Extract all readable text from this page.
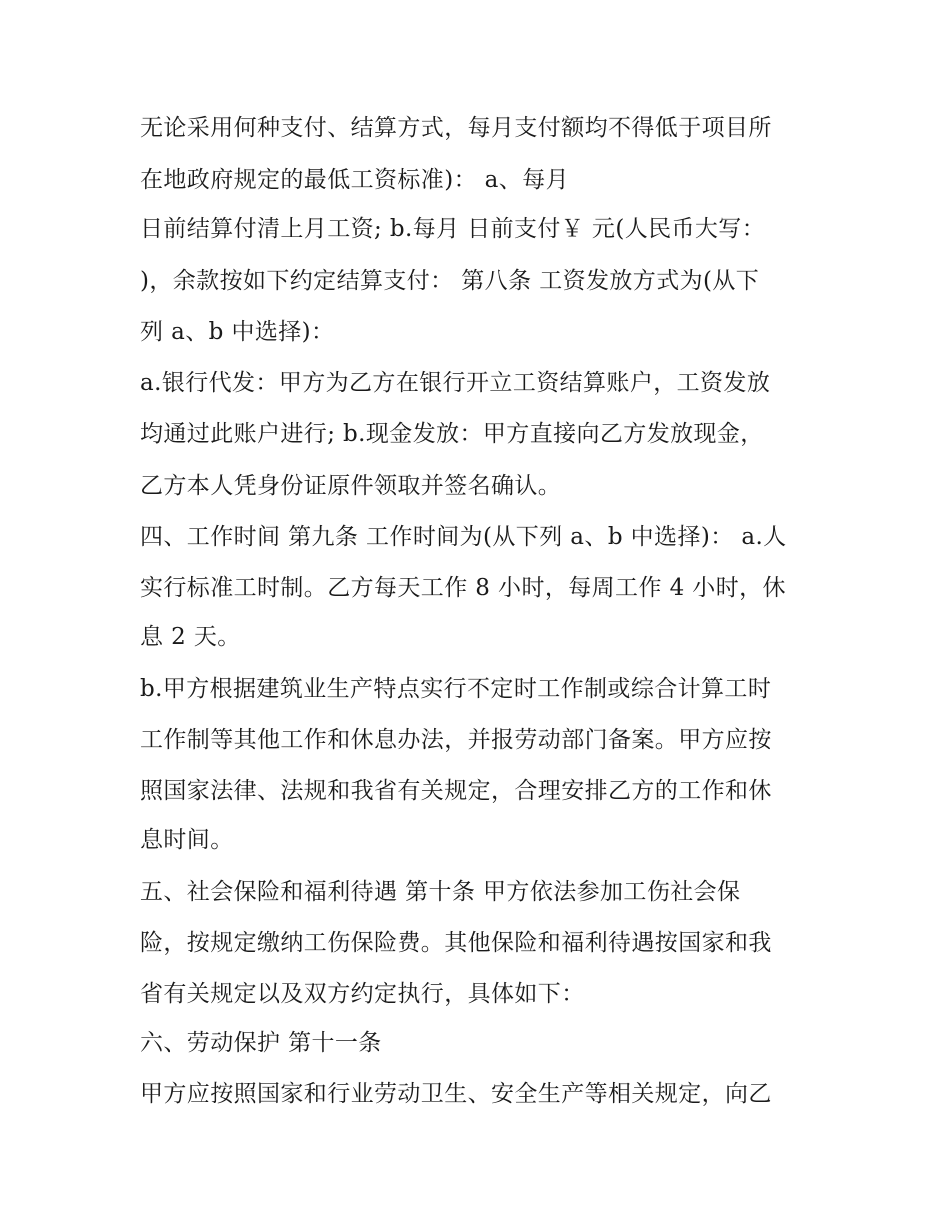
无论采用何种支付、结算方式，每月支付额均不得低于项目所
在地政府规定的最低工资标准)： a、每月
日前结算付清上月工资; b.每月 日前支付￥ 元(人民币大写：
)，余款按如下约定结算支付： 第八条 工资发放方式为(从下
列 a、b 中选择)：
a.银行代发：甲方为乙方在银行开立工资结算账户，工资发放
均通过此账户进行; b.现金发放：甲方直接向乙方发放现金，
乙方本人凭身份证原件领取并签名确认。
四、工作时间 第九条 工作时间为(从下列 a、b 中选择)： a.人
实行标准工时制。乙方每天工作 8 小时，每周工作 4 小时，休
息 2 天。
b.甲方根据建筑业生产特点实行不定时工作制或综合计算工时
工作制等其他工作和休息办法，并报劳动部门备案。甲方应按
照国家法律、法规和我省有关规定，合理安排乙方的工作和休
息时间。
五、社会保险和福利待遇 第十条 甲方依法参加工伤社会保
险，按规定缴纳工伤保险费。其他保险和福利待遇按国家和我
省有关规定以及双方约定执行，具体如下：
六、劳动保护 第十一条
甲方应按照国家和行业劳动卫生、安全生产等相关规定，向乙
